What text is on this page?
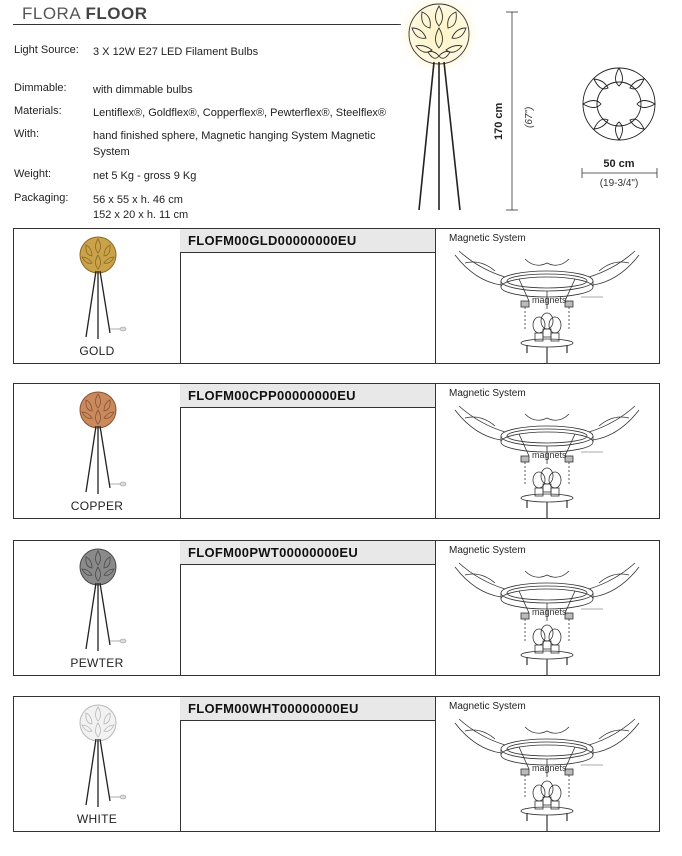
FLORA FLOOR
Light Source: 3 X 12W E27 LED Filament Bulbs
Dimmable: with dimmable bulbs
Materials:	Lentiflex®, Goldflex®, Copperflex®, Pewterflex®, Steelflex®
With:	hand finished sphere, Magnetic hanging System Magnetic System
Weight:	net 5 Kg - gross 9 Kg
Packaging: 56 x 55 x h. 46 cm
152 x 20 x h. 11 cm
170 cm (67")
50 cm
(19-3/4")
GOLD
FLOFM00GLD00000000EU	Magnetic System
magnets
COPPER
FLOFM00CPP00000000EU	Magnetic System
magnets
PEWTER
FLOFM00PWT00000000EU	Magnetic System
magnets
WHITE
FLOFM00WHT00000000EU	Magnetic System
magnets
